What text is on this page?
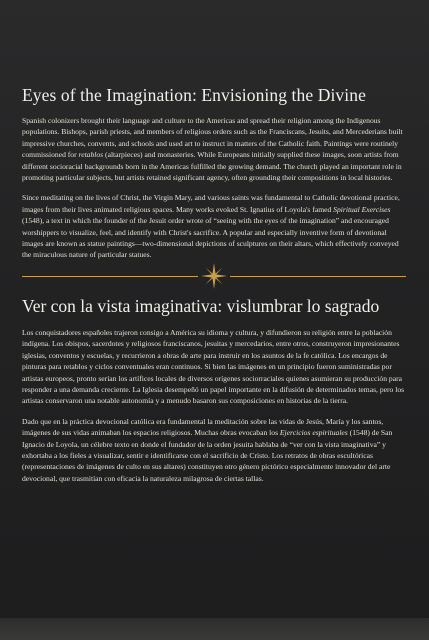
Eyes of the Imagination: Envisioning the Divine

Spanish colonizers brought their language and culture to the Americas and spread their religion among the Indigenous populations. Bishops, parish priests, and members of religious orders such as the Franciscans, Jesuits, and Mercederians built impressive churches, convents, and schools and used art to instruct in matters of the Catholic faith. Paintings were routinely commissioned for retablos (altarpieces) and monasteries. While Europeans initially supplied these images, soon artists from different socioracial backgrounds born in the Americas fulfilled the growing demand. The church played an important role in promoting particular subjects, but artists retained significant agency, often grounding their compositions in local histories.

Since meditating on the lives of Christ, the Virgin Mary, and various saints was fundamental to Catholic devotional practice, images from their lives animated religious spaces. Many works evoked St. Ignatius of Loyola's famed Spiritual Exercises (1548), a text in which the founder of the Jesuit order wrote of “seeing with the eyes of the imagination” and encouraged worshippers to visualize, feel, and identify with Christ's sacrifice. A popular and especially inventive form of devotional images are known as statue paintings—two-dimensional depictions of sculptures on their altars, which effectively conveyed the miraculous nature of particular statues.

Ver con la vista imaginativa: vislumbrar lo sagrado

Los conquistadores españoles trajeron consigo a América su idioma y cultura, y difundieron su religión entre la población indígena. Los obispos, sacerdotes y religiosos franciscanos, jesuitas y mercedarios, entre otros, construyeron impresionantes iglesias, conventos y escuelas, y recurrieron a obras de arte para instruir en los asuntos de la fe católica. Los encargos de pinturas para retablos y ciclos conventuales eran continuos. Si bien las imágenes en un principio fueron suministradas por artistas europeos, pronto serían los artífices locales de diversos orígenes sociorraciales quienes asumieran su producción para responder a una demanda creciente. La Iglesia desempeñó un papel importante en la difusión de determinados temas, pero los artistas conservaron una notable autonomía y a menudo basaron sus composiciones en historias de la tierra.

Dado que en la práctica devocional católica era fundamental la meditación sobre las vidas de Jesús, María y los santos, imágenes de sus vidas animaban los espacios religiosos. Muchas obras evocaban los Ejercicios espirituales (1548) de San Ignacio de Loyola, un célebre texto en donde el fundador de la orden jesuita hablaba de “ver con la vista imaginativa” y exhortaba a los fieles a visualizar, sentir e identificarse con el sacrificio de Cristo. Los retratos de obras escultóricas (representaciones de imágenes de culto en sus altares) constituyen otro género pictórico especialmente innovador del arte devocional, que trasmitían con eficacia la naturaleza milagrosa de ciertas tallas.
